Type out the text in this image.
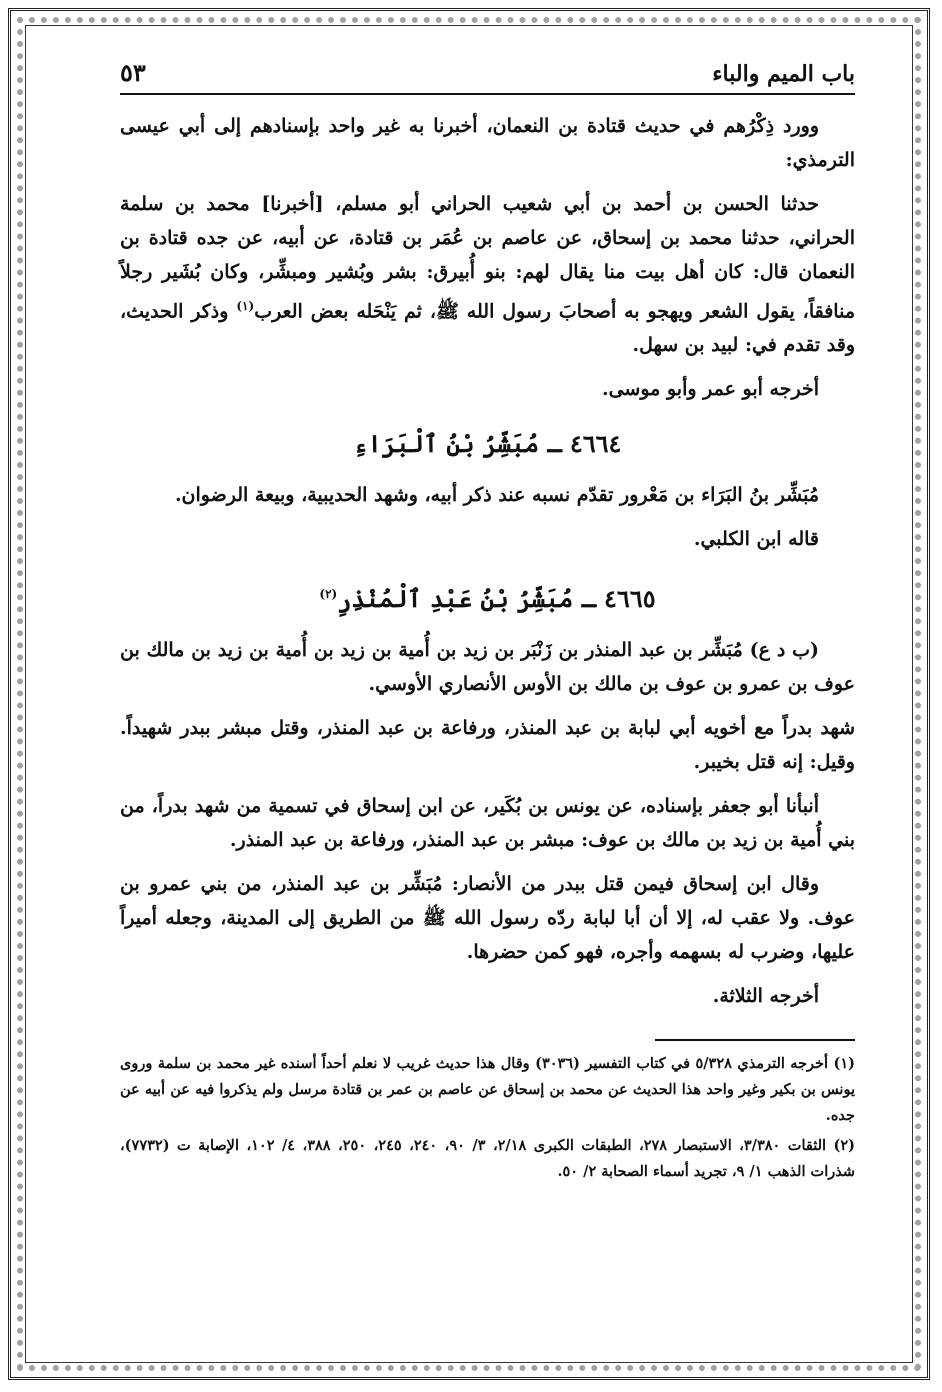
باب الميم والباء
٥٣

وورد ذِكْرُهم في حديث قتادة بن النعمان، أخبرنا به غير واحد بإسنادهم إلى أبي عيسى الترمذي:

حدثنا الحسن بن أحمد بن أبي شعيب الحراني أبو مسلم، [أخبرنا] محمد بن سلمة الحراني، حدثنا محمد بن إسحاق، عن عاصم بن عُمَر بن قتادة، عن أبيه، عن جده قتادة بن النعمان قال: كان أهل بيت منا يقال لهم: بنو أُبيرق: بشر وبُشير ومبشِّر، وكان بُشَير رجلاً منافقاً، يقول الشعر ويهجو به أصحابَ رسول الله ﷺ، ثم يَنْحَله بعض العرب$^{(١)}$ وذكر الحديث، وقد تقدم في: لبيد بن سهل.

أخرجه أبو عمر وأبو موسى.

٤٦٦٤ ـ مُبَشِّرُ بْنُ ٱلْبَرَاءِ

مُبَشِّر بنُ البَرَاء بن مَعْرور تقدّم نسبه عند ذكر أبيه، وشهد الحديبية، وبيعة الرضوان.

قاله ابن الكلبي.

٤٦٦٥ ـ مُبَشِّرُ بْنُ عَبْدِ ٱلْمُنْذِرِ$^{(٢)}$

(ب د ع) مُبَشِّر بن عبد المنذر بن زَنْبَر بن زيد بن أُمية بن زيد بن أُمية بن زيد بن مالك بن عوف بن عمرو بن عوف بن مالك بن الأوس الأنصاري الأوسي.

شهد بدراً مع أخويه أبي لبابة بن عبد المنذر، ورفاعة بن عبد المنذر، وقتل مبشر ببدر شهيداً. وقيل: إنه قتل بخيبر.

أنبأنا أبو جعفر بإسناده، عن يونس بن بُكَير، عن ابن إسحاق في تسمية من شهد بدراً، من بني أُمية بن زيد بن مالك بن عوف: مبشر بن عبد المنذر، ورفاعة بن عبد المنذر.

وقال ابن إسحاق فيمن قتل ببدر من الأنصار: مُبَشِّر بن عبد المنذر، من بني عمرو بن عوف. ولا عقب له، إلا أن أبا لبابة ردّه رسول الله ﷺ من الطريق إلى المدينة، وجعله أميراً عليها، وضرب له بسهمه وأجره، فهو كمن حضرها.

أخرجه الثلاثة.

(١) أخرجه الترمذي ٥/٣٢٨ في كتاب التفسير (٣٠٣٦) وقال هذا حديث غريب لا نعلم أحداً أسنده غير محمد بن سلمة وروى يونس بن بكير وغير واحد هذا الحديث عن محمد بن إسحاق عن عاصم بن عمر بن قتادة مرسل ولم يذكروا فيه عن أبيه عن جده.

(٢) الثقات ٣/٣٨٠، الاستبصار ٢٧٨، الطبقات الكبرى ٢/١٨، ٣/ ٩٠، ٢٤٠، ٢٤٥، ٢٥٠، ٣٨٨، ٤/ ١٠٢، الإصابة ت (٧٧٣٢)، شذرات الذهب ١/ ٩، تجريد أسماء الصحابة ٢/ ٥٠.
